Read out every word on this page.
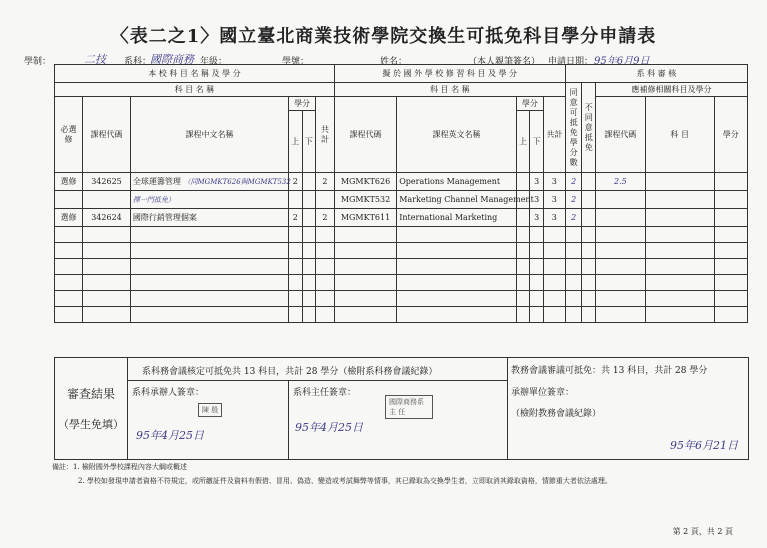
〈表二之1〉國立臺北商業技術學院交換生可抵免科目學分申請表
學制：	二技 系科：
國際商務 年級：	學號：	姓名：	（本人親筆簽名） 申請日期： 95年6月9日
本 校 科 目 名 稱 及 學 分						擬 於 國 外 學 校 修 習 科 目 及 學 分					系 科 審 核				
科 目 名 稱						科 目 名 稱					同意可抵免學分數	不同意抵免	應補修相關科目及學分		
必選修	課程代碼	課程中文名稱	學分		共計	課程代碼	課程英文名稱	學分		共計			課程代碼	科 目	學分
			上	下				上	下						
選修	342625	全球運籌管理 （同MGMKT626與MGMKT532	2		2	MGMKT626	Operations Management		3	3	2		2.5		
		擇一門抵免）				MGMKT532	Marketing Channel Management		3	3	2				
選修	342624	國際行銷管理個案	2		2	MGMKT611	International Marketing		3	3	2				

審查結果
（學生免填）

系科務會議核定可抵免共 13 科目，共計 28 學分（檢附系科務會議紀錄）
系科承辦人簽章：
陳 殷
95年4月25日
系科主任簽章：
國際商務系 主 任
95年4月25日

教務會議審議可抵免：共 13 科目，共計 28 學分
承辦單位簽章：
（檢附教務會議紀錄）
95年6月21日
備註：1. 檢附國外學校課程內容大綱或概述
2. 學校如發現申請者資格不符規定，或所繳証件及資料有假借、冒用、偽造、變造或考試舞弊等情事，其已錄取為交換學生者，立即取消其錄取資格，情節重大者依法處理。
第 2 頁，共 2 頁
